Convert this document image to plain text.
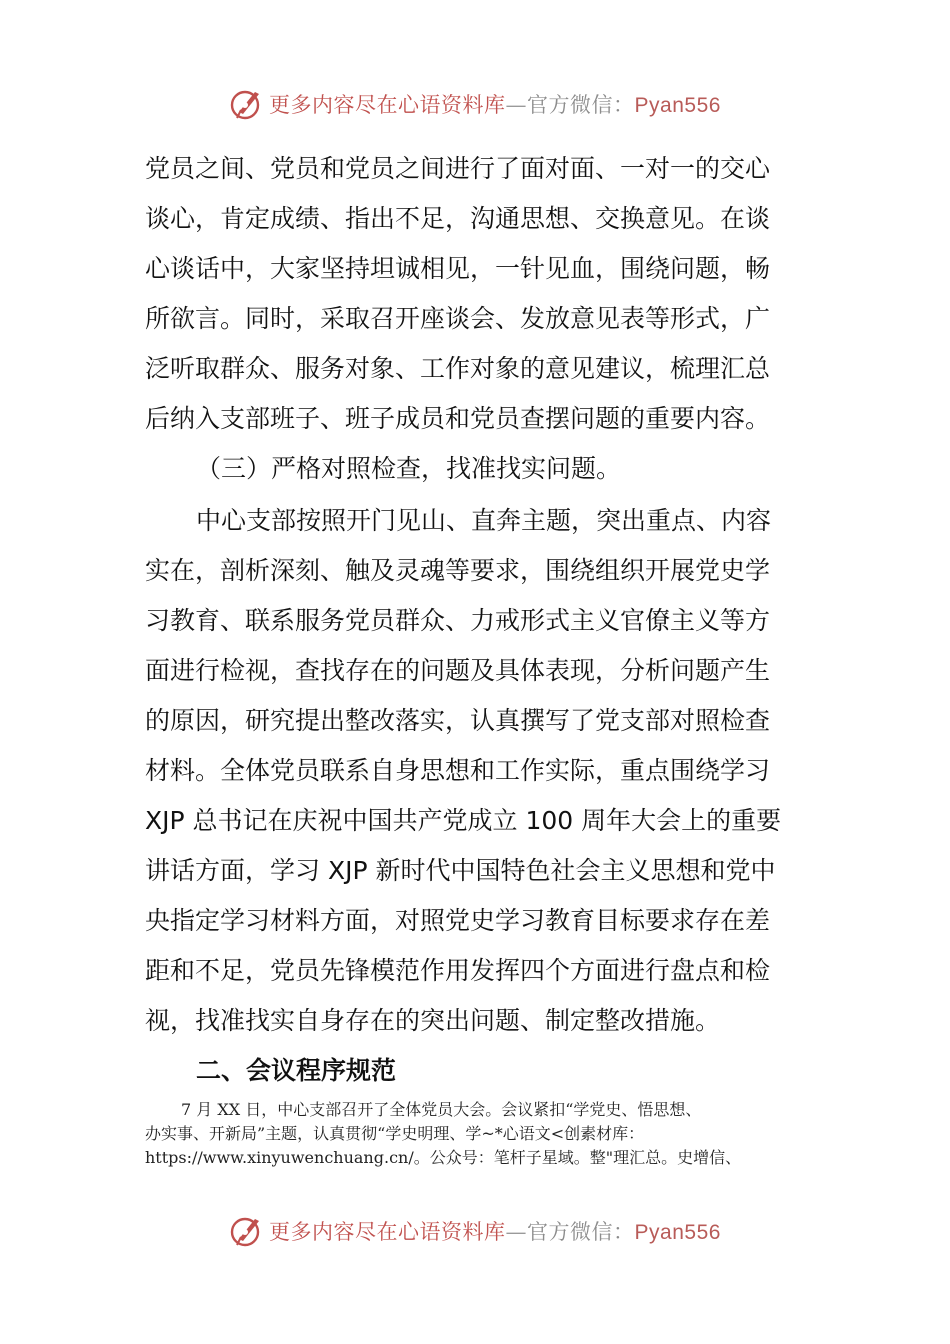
更多内容尽在心语资料库—官方微信：Pyan556
党员之间、党员和党员之间进行了面对面、一对一的交心
谈心，肯定成绩、指出不足，沟通思想、交换意见。在谈
心谈话中，大家坚持坦诚相见，一针见血，围绕问题，畅
所欲言。同时，采取召开座谈会、发放意见表等形式，广
泛听取群众、服务对象、工作对象的意见建议，梳理汇总
后纳入支部班子、班子成员和党员查摆问题的重要内容。
（三）严格对照检查，找准找实问题。
中心支部按照开门见山、直奔主题，突出重点、内容
实在，剖析深刻、触及灵魂等要求，围绕组织开展党史学
习教育、联系服务党员群众、力戒形式主义官僚主义等方
面进行检视，查找存在的问题及具体表现，分析问题产生
的原因，研究提出整改落实，认真撰写了党支部对照检查
材料。全体党员联系自身思想和工作实际，重点围绕学习
XJP 总书记在庆祝中国共产党成立 100 周年大会上的重要
讲话方面，学习 XJP 新时代中国特色社会主义思想和党中
央指定学习材料方面，对照党史学习教育目标要求存在差
距和不足，党员先锋模范作用发挥四个方面进行盘点和检
视，找准找实自身存在的突出问题、制定整改措施。
二、会议程序规范
7 月 XX 日，中心支部召开了全体党员大会。会议紧扣“学党史、悟思想、
办实事、开新局”主题，认真贯彻“学史明理、学~*心语文<创素材库：
https://www.xinyuwenchuang.cn/。公众号：笔杆子星域。整"理汇总。史增信、
更多内容尽在心语资料库—官方微信：Pyan556
